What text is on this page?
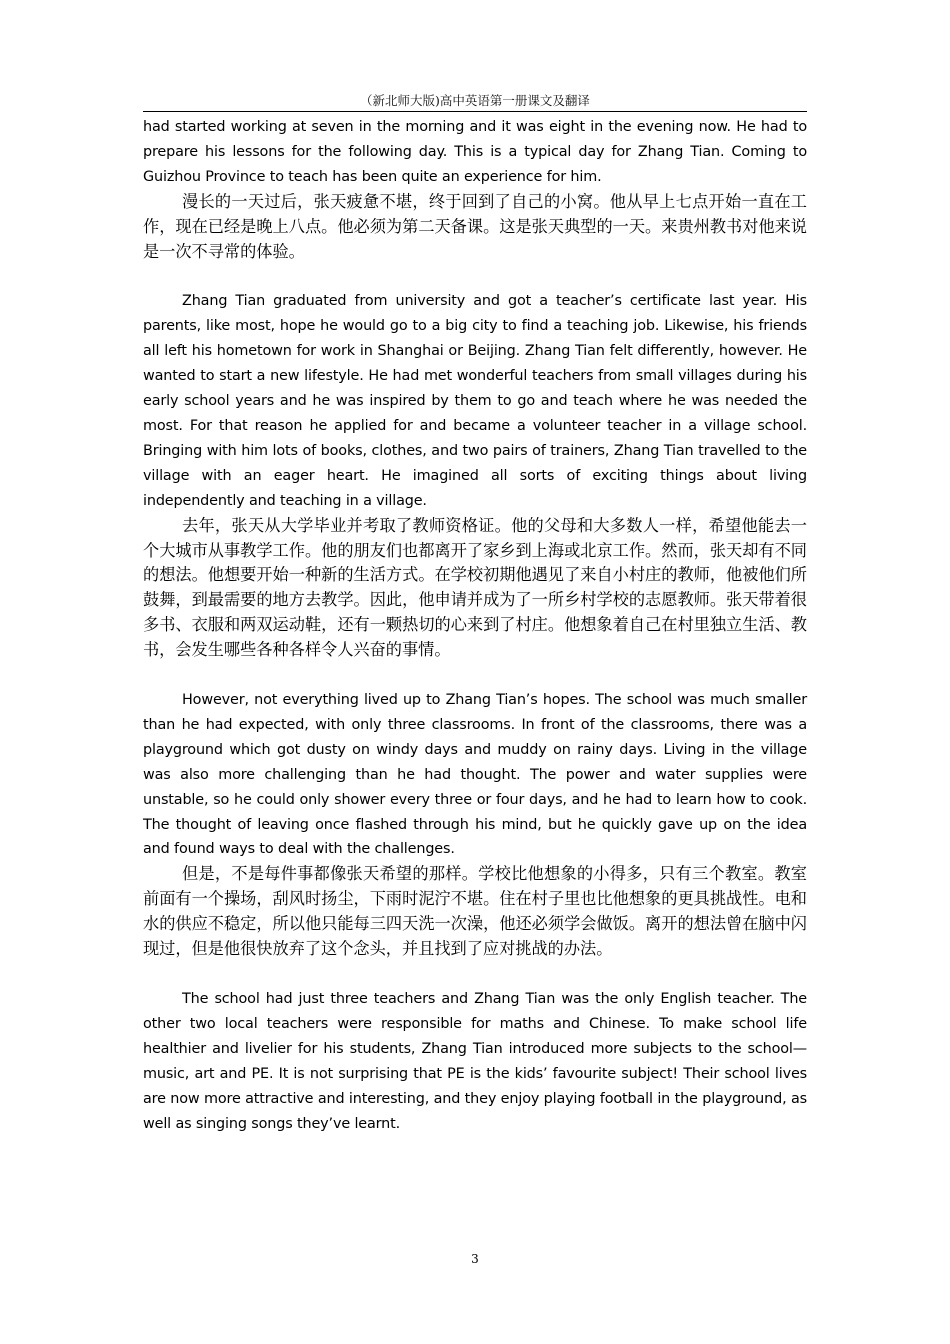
（新北师大版)高中英语第一册课文及翻译

had started working at seven in the morning and it was eight in the evening now. He had to prepare his lessons for the following day. This is a typical day for Zhang Tian. Coming to Guizhou Province to teach has been quite an experience for him.

漫长的一天过后，张天疲惫不堪，终于回到了自己的小窝。他从早上七点开始一直在工作，现在已经是晚上八点。他必须为第二天备课。这是张天典型的一天。来贵州教书对他来说是一次不寻常的体验。

Zhang Tian graduated from university and got a teacher’s certificate last year. His parents, like most, hope he would go to a big city to find a teaching job. Likewise, his friends all left his hometown for work in Shanghai or Beijing. Zhang Tian felt differently, however. He wanted to start a new lifestyle. He had met wonderful teachers from small villages during his early school years and he was inspired by them to go and teach where he was needed the most. For that reason he applied for and became a volunteer teacher in a village school. Bringing with him lots of books, clothes, and two pairs of trainers, Zhang Tian travelled to the village with an eager heart. He imagined all sorts of exciting things about living independently and teaching in a village.

去年，张天从大学毕业并考取了教师资格证。他的父母和大多数人一样，希望他能去一个大城市从事教学工作。他的朋友们也都离开了家乡到上海或北京工作。然而，张天却有不同的想法。他想要开始一种新的生活方式。在学校初期他遇见了来自小村庄的教师，他被他们所鼓舞，到最需要的地方去教学。因此，他申请并成为了一所乡村学校的志愿教师。张天带着很多书、衣服和两双运动鞋，还有一颗热切的心来到了村庄。他想象着自己在村里独立生活、教书，会发生哪些各种各样令人兴奋的事情。

However, not everything lived up to Zhang Tian’s hopes. The school was much smaller than he had expected, with only three classrooms. In front of the classrooms, there was a playground which got dusty on windy days and muddy on rainy days. Living in the village was also more challenging than he had thought. The power and water supplies were unstable, so he could only shower every three or four days, and he had to learn how to cook. The thought of leaving once flashed through his mind, but he quickly gave up on the idea and found ways to deal with the challenges.

但是，不是每件事都像张天希望的那样。学校比他想象的小得多，只有三个教室。教室前面有一个操场，刮风时扬尘，下雨时泥泞不堪。住在村子里也比他想象的更具挑战性。电和水的供应不稳定，所以他只能每三四天洗一次澡，他还必须学会做饭。离开的想法曾在脑中闪现过，但是他很快放弃了这个念头，并且找到了应对挑战的办法。

The school had just three teachers and Zhang Tian was the only English teacher. The other two local teachers were responsible for maths and Chinese. To make school life healthier and livelier for his students, Zhang Tian introduced more subjects to the school—music, art and PE. It is not surprising that PE is the kids’ favourite subject! Their school lives are now more attractive and interesting, and they enjoy playing football in the playground, as well as singing songs they’ve learnt.

3
